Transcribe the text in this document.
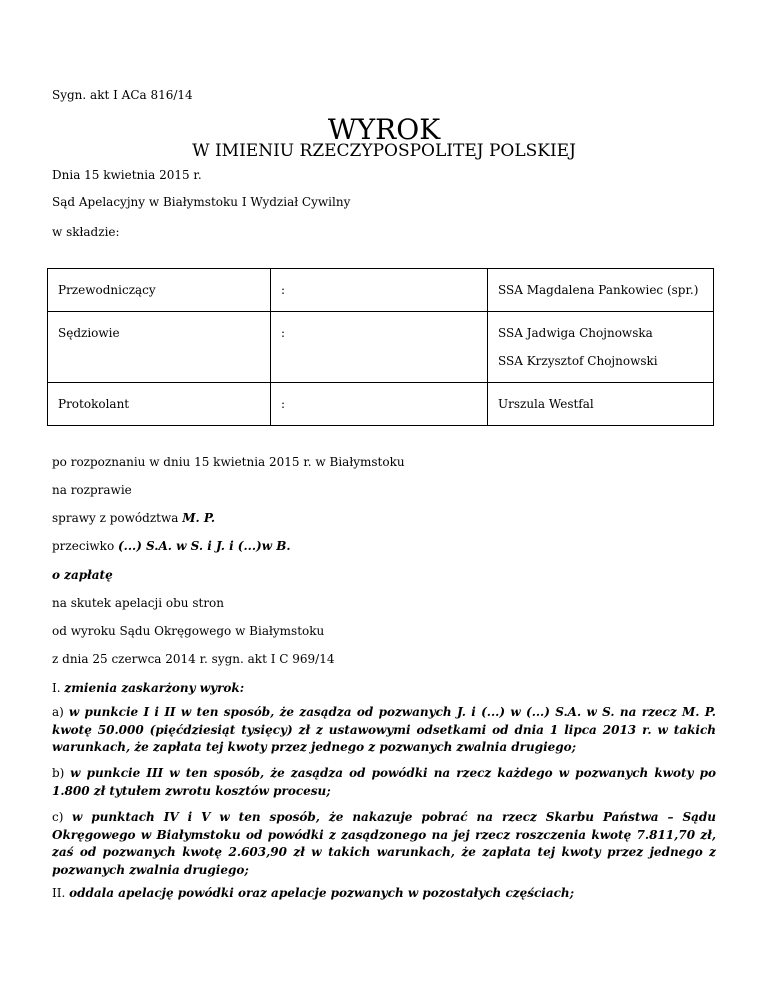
Sygn. akt I ACa 816/14
WYROK
W IMIENIU RZECZYPOSPOLITEJ POLSKIEJ
Dnia 15 kwietnia 2015 r.
Sąd Apelacyjny w Białymstoku I Wydział Cywilny
w składzie:
Przewodniczący	:	SSA Magdalena Pankowiec (spr.)

Sędziowie	:	SSA Jadwiga Chojnowska
SSA Krzysztof Chojnowski

Protokolant	:	Urszula Westfal
po rozpoznaniu w dniu 15 kwietnia 2015 r. w Białymstoku
na rozprawie
sprawy z powództwa M. P.
przeciwko (...) S.A. w S. i J. i (...)w B.
o zapłatę
na skutek apelacji obu stron
od wyroku Sądu Okręgowego w Białymstoku
z dnia 25 czerwca 2014 r. sygn. akt I C 969/14
I. zmienia zaskarżony wyrok:
a) w punkcie I i II w ten sposób, że zasądza od pozwanych J. i (...) w (...) S.A. w S. na rzecz M. P. kwotę 50.000 (pięćdziesiąt tysięcy) zł z ustawowymi odsetkami od dnia 1 lipca 2013 r. w takich warunkach, że zapłata tej kwoty przez jednego z pozwanych zwalnia drugiego;
b) w punkcie III w ten sposób, że zasądza od powódki na rzecz każdego w pozwanych kwoty po 1.800 zł tytułem zwrotu kosztów procesu;
c) w punktach IV i V w ten sposób, że nakazuje pobrać na rzecz Skarbu Państwa – Sądu Okręgowego w Białymstoku od powódki z zasądzonego na jej rzecz roszczenia kwotę 7.811,70 zł, zaś od pozwanych kwotę 2.603,90 zł w takich warunkach, że zapłata tej kwoty przez jednego z pozwanych zwalnia drugiego;
II. oddala apelację powódki oraz apelacje pozwanych w pozostałych częściach;
